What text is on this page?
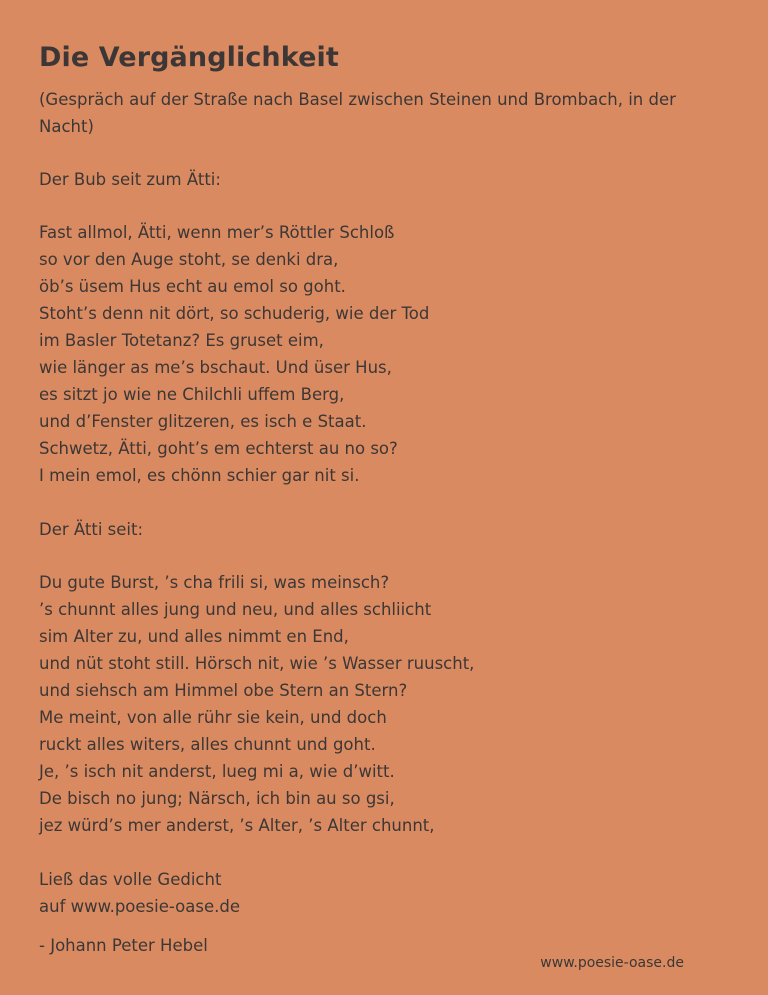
Die Vergänglichkeit
(Gespräch auf der Straße nach Basel zwischen Steinen und Brombach, in der Nacht)
Der Bub seit zum Ätti:
Fast allmol, Ätti, wenn mer’s Röttler Schloß
so vor den Auge stoht, se denki dra,
öb’s üsem Hus echt au emol so goht.
Stoht’s denn nit dört, so schuderig, wie der Tod
im Basler Totetanz? Es gruset eim,
wie länger as me’s bschaut. Und üser Hus,
es sitzt jo wie ne Chilchli uffem Berg,
und d’Fenster glitzeren, es isch e Staat.
Schwetz, Ätti, goht’s em echterst au no so?
I mein emol, es chönn schier gar nit si.
Der Ätti seit:
Du gute Burst, ’s cha frili si, was meinsch?
’s chunnt alles jung und neu, und alles schliicht
sim Alter zu, und alles nimmt en End,
und nüt stoht still. Hörsch nit, wie ’s Wasser ruuscht,
und siehsch am Himmel obe Stern an Stern?
Me meint, von alle rühr sie kein, und doch
ruckt alles witers, alles chunnt und goht.
Je, ’s isch nit anderst, lueg mi a, wie d’witt.
De bisch no jung; Närsch, ich bin au so gsi,
jez würd’s mer anderst, ’s Alter, ’s Alter chunnt,
Ließ das volle Gedicht
auf www.poesie-oase.de
- Johann Peter Hebel
www.poesie-oase.de
